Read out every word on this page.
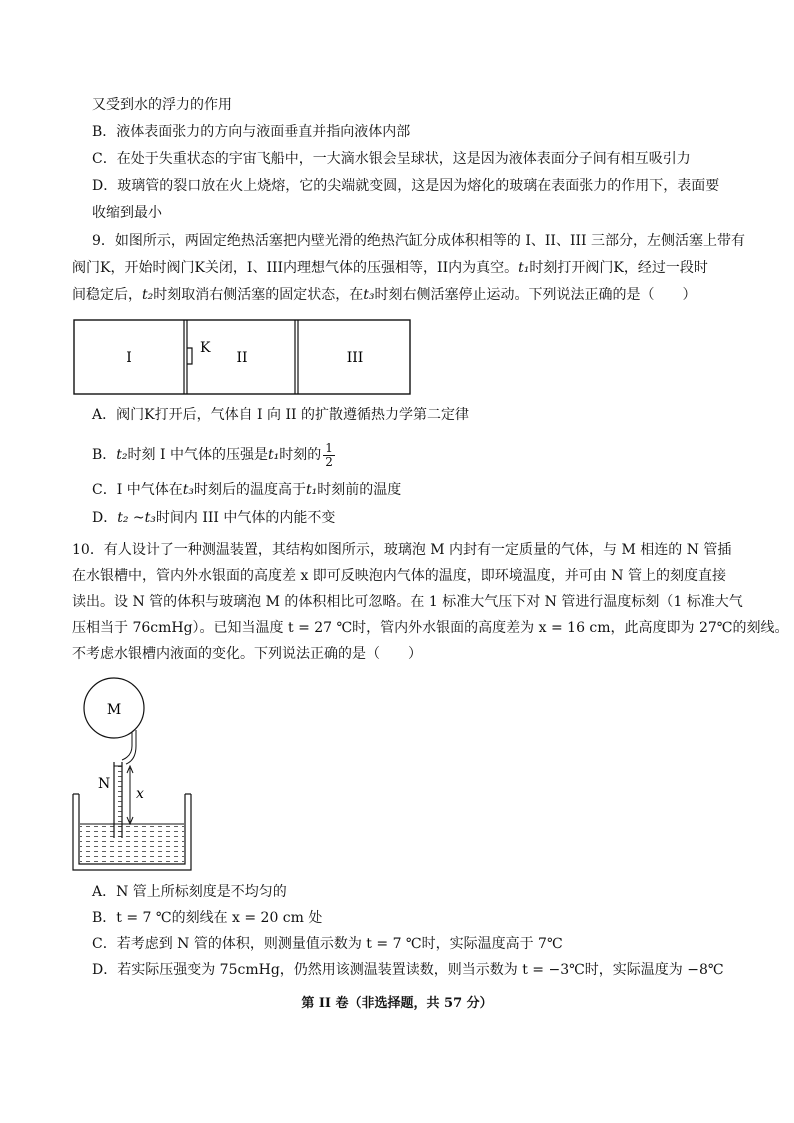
又受到水的浮力的作用
B．液体表面张力的方向与液面垂直并指向液体内部
C．在处于失重状态的宇宙飞船中，一大滴水银会呈球状，这是因为液体表面分子间有相互吸引力
D．玻璃管的裂口放在火上烧熔，它的尖端就变圆，这是因为熔化的玻璃在表面张力的作用下，表面要
收缩到最小
9．如图所示，两固定绝热活塞把内壁光滑的绝热汽缸分成体积相等的 I、II、III 三部分，左侧活塞上带有
阀门K，开始时阀门K关闭，I、III内理想气体的压强相等，II内为真空。t₁时刻打开阀门K，经过一段时
间稳定后，t₂时刻取消右侧活塞的固定状态，在t₃时刻右侧活塞停止运动。下列说法正确的是（　　）
I
K
II	III
A．阀门K打开后，气体自 I 向 II 的扩散遵循热力学第二定律
B．t₂时刻 I 中气体的压强是t₁时刻的 $\frac{1}{2}$
C．I 中气体在t₃时刻后的温度高于t₁时刻前的温度
D．t₂ ~t₃时间内 III 中气体的内能不变
10．有人设计了一种测温装置，其结构如图所示，玻璃泡 M 内封有一定质量的气体，与 M 相连的 N 管插
在水银槽中，管内外水银面的高度差 x 即可反映泡内气体的温度，即环境温度，并可由 N 管上的刻度直接
读出。设 N 管的体积与玻璃泡 M 的体积相比可忽略。在 1 标准大气压下对 N 管进行温度标刻（1 标准大气
压相当于 76cmHg）。已知当温度 t = 27 ℃时，管内外水银面的高度差为 x = 16 cm，此高度即为 27℃的刻线。
不考虑水银槽内液面的变化。下列说法正确的是（　　）
M
N
x
A．N 管上所标刻度是不均匀的
B．t = 7 ℃的刻线在 x = 20 cm 处
C．若考虑到 N 管的体积，则测量值示数为 t = 7 ℃时，实际温度高于 7℃
D．若实际压强变为 75cmHg，仍然用该测温装置读数，则当示数为 t = −3℃时，实际温度为 −8℃
第 II 卷（非选择题，共 57 分）
